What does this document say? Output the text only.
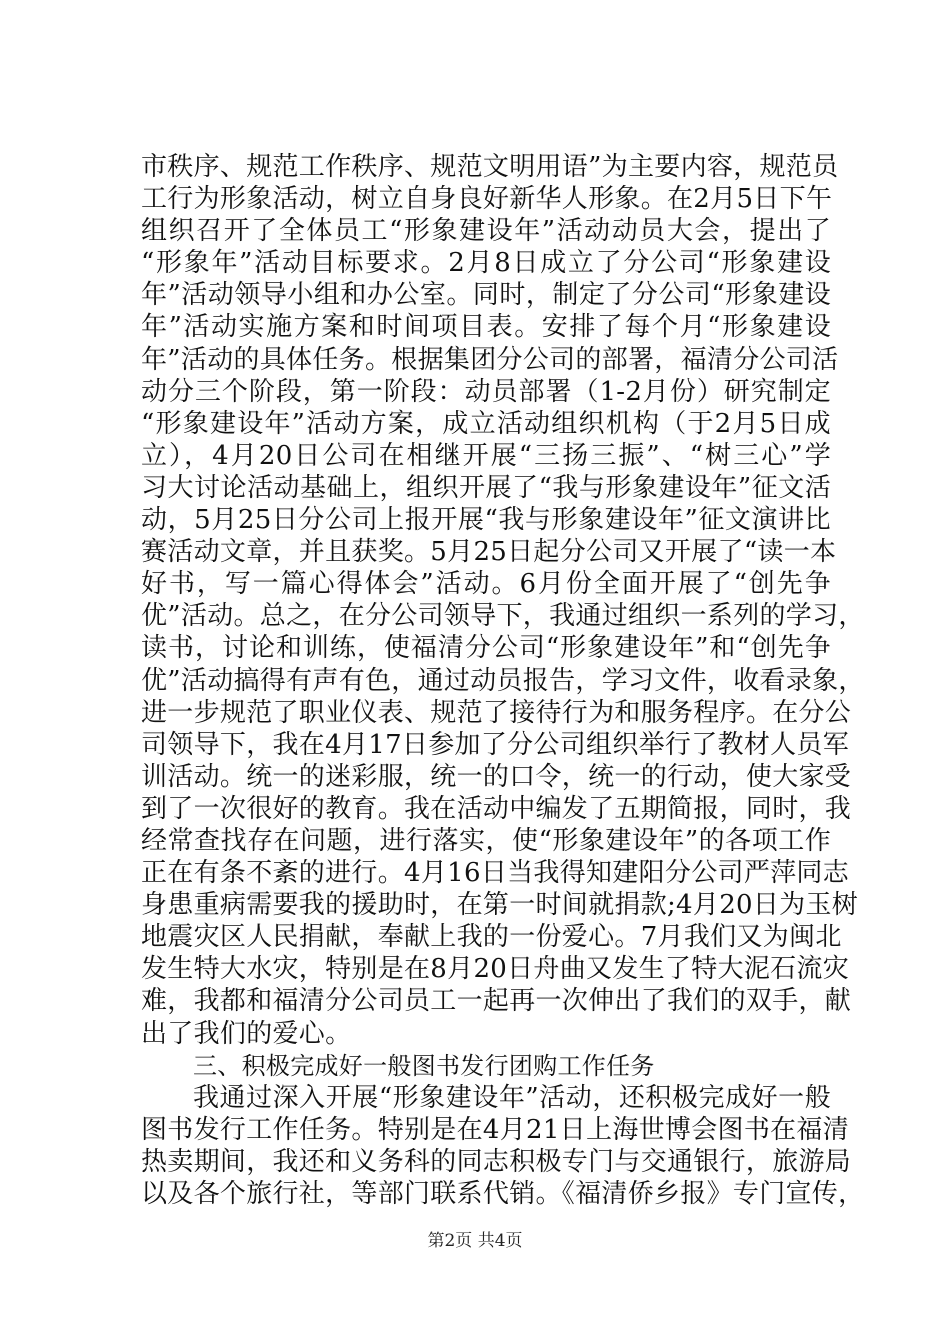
市秩序、规范工作秩序、规范文明用语”为主要内容，规范员
工行为形象活动，树立自身良好新华人形象。在2月5日下午
组织召开了全体员工“形象建设年”活动动员大会，提出了
“形象年”活动目标要求。2月8日成立了分公司“形象建设
年”活动领导小组和办公室。同时，制定了分公司“形象建设
年”活动实施方案和时间项目表。安排了每个月“形象建设
年”活动的具体任务。根据集团分公司的部署，福清分公司活
动分三个阶段，第一阶段：动员部署（1-2月份）研究制定
“形象建设年”活动方案，成立活动组织机构（于2月5日成
立），4月20日公司在相继开展“三扬三振”、“树三心”学
习大讨论活动基础上，组织开展了“我与形象建设年”征文活
动，5月25日分公司上报开展“我与形象建设年”征文演讲比
赛活动文章，并且获奖。5月25日起分公司又开展了“读一本
好书，写一篇心得体会”活动。6月份全面开展了“创先争
优”活动。总之，在分公司领导下，我通过组织一系列的学习，
读书，讨论和训练，使福清分公司“形象建设年”和“创先争
优”活动搞得有声有色，通过动员报告，学习文件，收看录象，
进一步规范了职业仪表、规范了接待行为和服务程序。在分公
司领导下，我在4月17日参加了分公司组织举行了教材人员军
训活动。统一的迷彩服，统一的口令，统一的行动，使大家受
到了一次很好的教育。我在活动中编发了五期简报，同时，我
经常查找存在问题，进行落实，使“形象建设年”的各项工作
正在有条不紊的进行。4月16日当我得知建阳分公司严萍同志
身患重病需要我的援助时，在第一时间就捐款;4月20日为玉树
地震灾区人民捐献，奉献上我的一份爱心。7月我们又为闽北
发生特大水灾，特别是在8月20日舟曲又发生了特大泥石流灾
难，我都和福清分公司员工一起再一次伸出了我们的双手，献
出了我们的爱心。
三、积极完成好一般图书发行团购工作任务
我通过深入开展“形象建设年”活动，还积极完成好一般
图书发行工作任务。特别是在4月21日上海世博会图书在福清
热卖期间，我还和义务科的同志积极专门与交通银行，旅游局
以及各个旅行社，等部门联系代销。《福清侨乡报》专门宣传，
第2页 共4页
